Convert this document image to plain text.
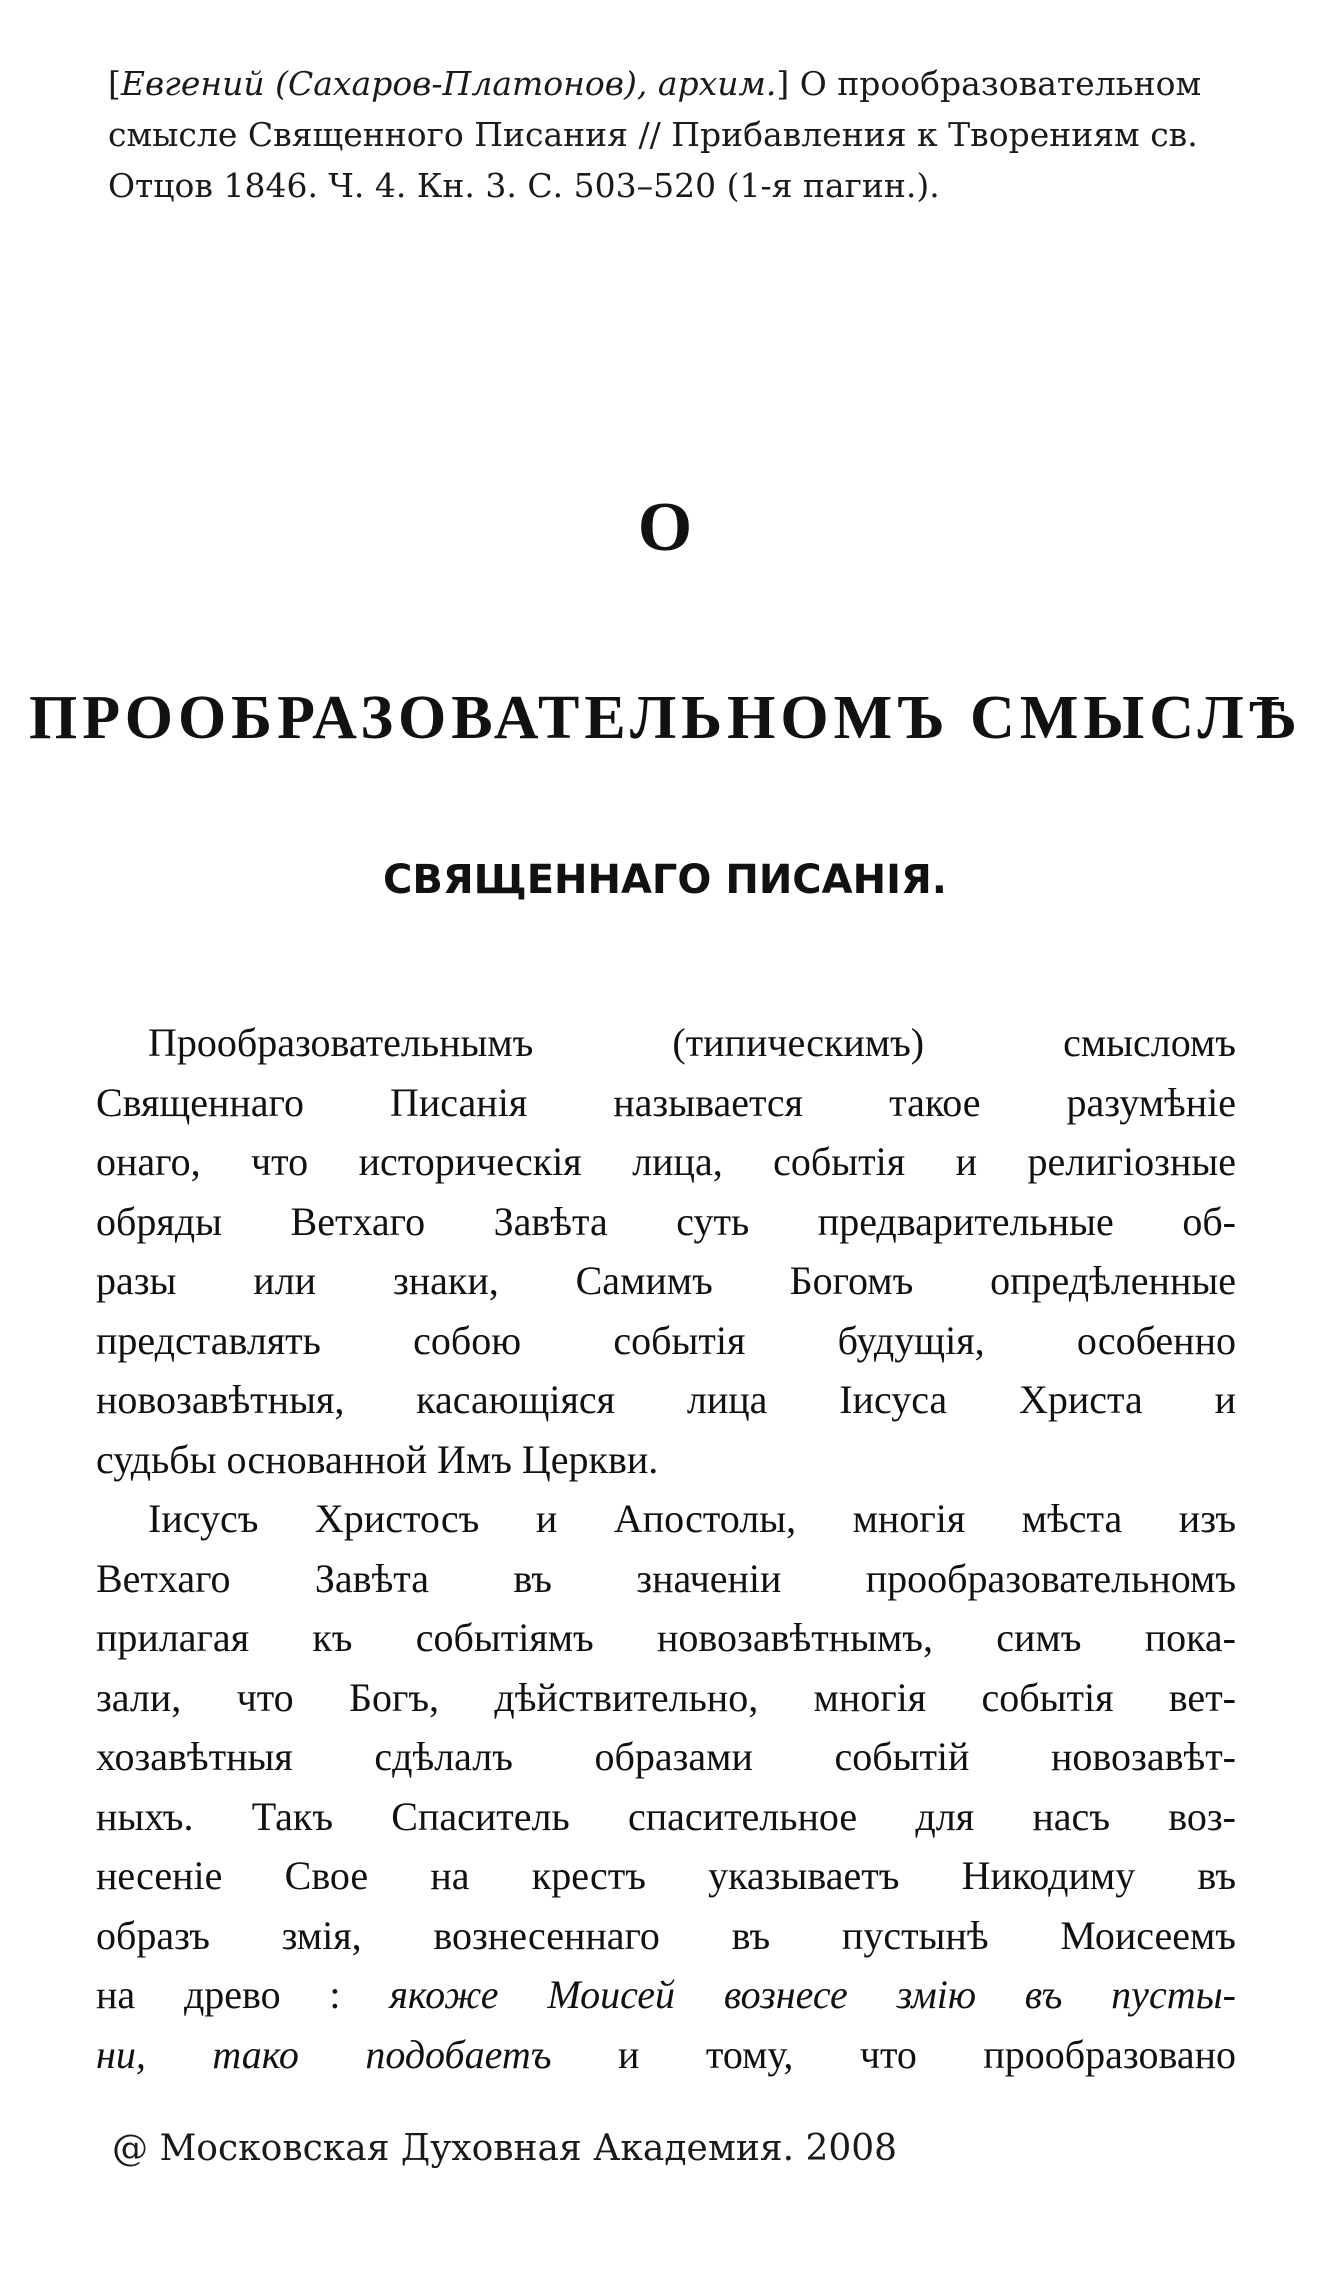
[Евгений (Сахаров-Платонов), архим.] О прообразовательном
смысле Священного Писания // Прибавления к Творениям св.
Отцов 1846. Ч. 4. Кн. 3. С. 503–520 (1-я пагин.).
О
ПРООБРАЗОВАТЕЛЬНОМЪ СМЫСЛѢ
СВЯЩЕННАГО ПИСАНІЯ.
Прообразовательнымъ (типическимъ) смысломъ
Священнаго Писанія называется такое разумѣніе
онаго, что историческія лица, событія и религіозные
обряды Ветхаго Завѣта суть предварительные об-
разы или знаки, Самимъ Богомъ опредѣленные
представлять собою событія будущія, особенно
новозавѣтныя, касающіяся лица Іисуса Христа и
судьбы основанной Имъ Церкви.
Іисусъ Христосъ и Апостолы, многія мѣста изъ
Ветхаго Завѣта въ значеніи прообразовательномъ
прилагая къ событіямъ новозавѣтнымъ, симъ пока-
зали, что Богъ, дѣйствительно, многія событія вет-
хозавѣтныя сдѣлалъ образами событій новозавѣт-
ныхъ. Такъ Спаситель спасительное для насъ воз-
несеніе Свое на крестъ указываетъ Никодиму въ
образъ змія, вознесеннаго въ пустынѣ Моисеемъ
на древо : якоже Моисей вознесе змію въ пусты-
ни, тако подобаетъ и тому, что прообразовано
@ Московская Духовная Академия. 2008
